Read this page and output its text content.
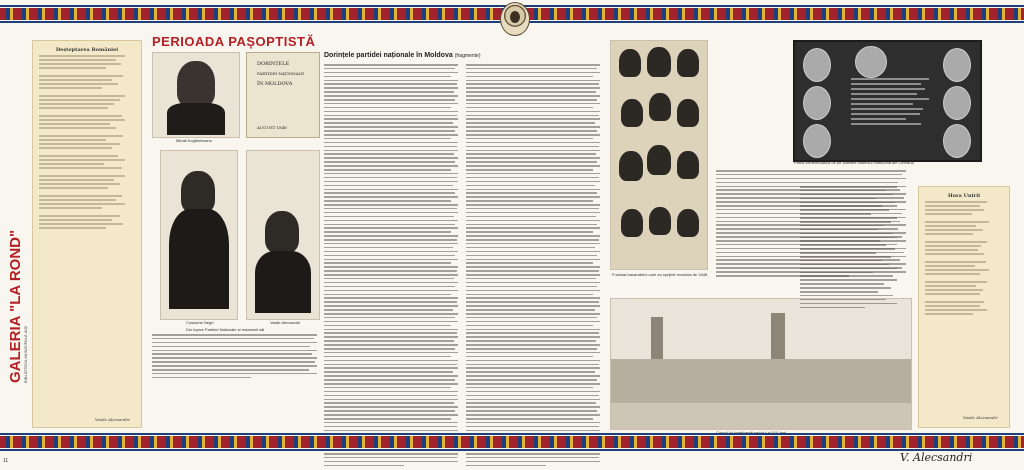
GALERIA "LA ROND" BIBLIOTECA MUNICIPALĂ IAȘI
Deșteptarea României
Vasile Alecsandri
PERIOADA PAȘOPTISTĂ
Mihail Kogălniceanu
DORINȚELE
PARTIDEI NAȚIONALE
ÎN MOLDOVA
AUGUST 1848
Costache Negri	Vasile Alecsandri
Din topice Partidei Naționale și redactorii săi
Dorințele partidei naționale în Moldova (fragmente)
Fruntași basarabeni care au sprijinit revoluția de 1848
Placa comemorativă de pe clădirea hotelului Harmonia din Cernăuți
Hora Unirii
Vasile Alecsandri
V. Alecsandri
11
